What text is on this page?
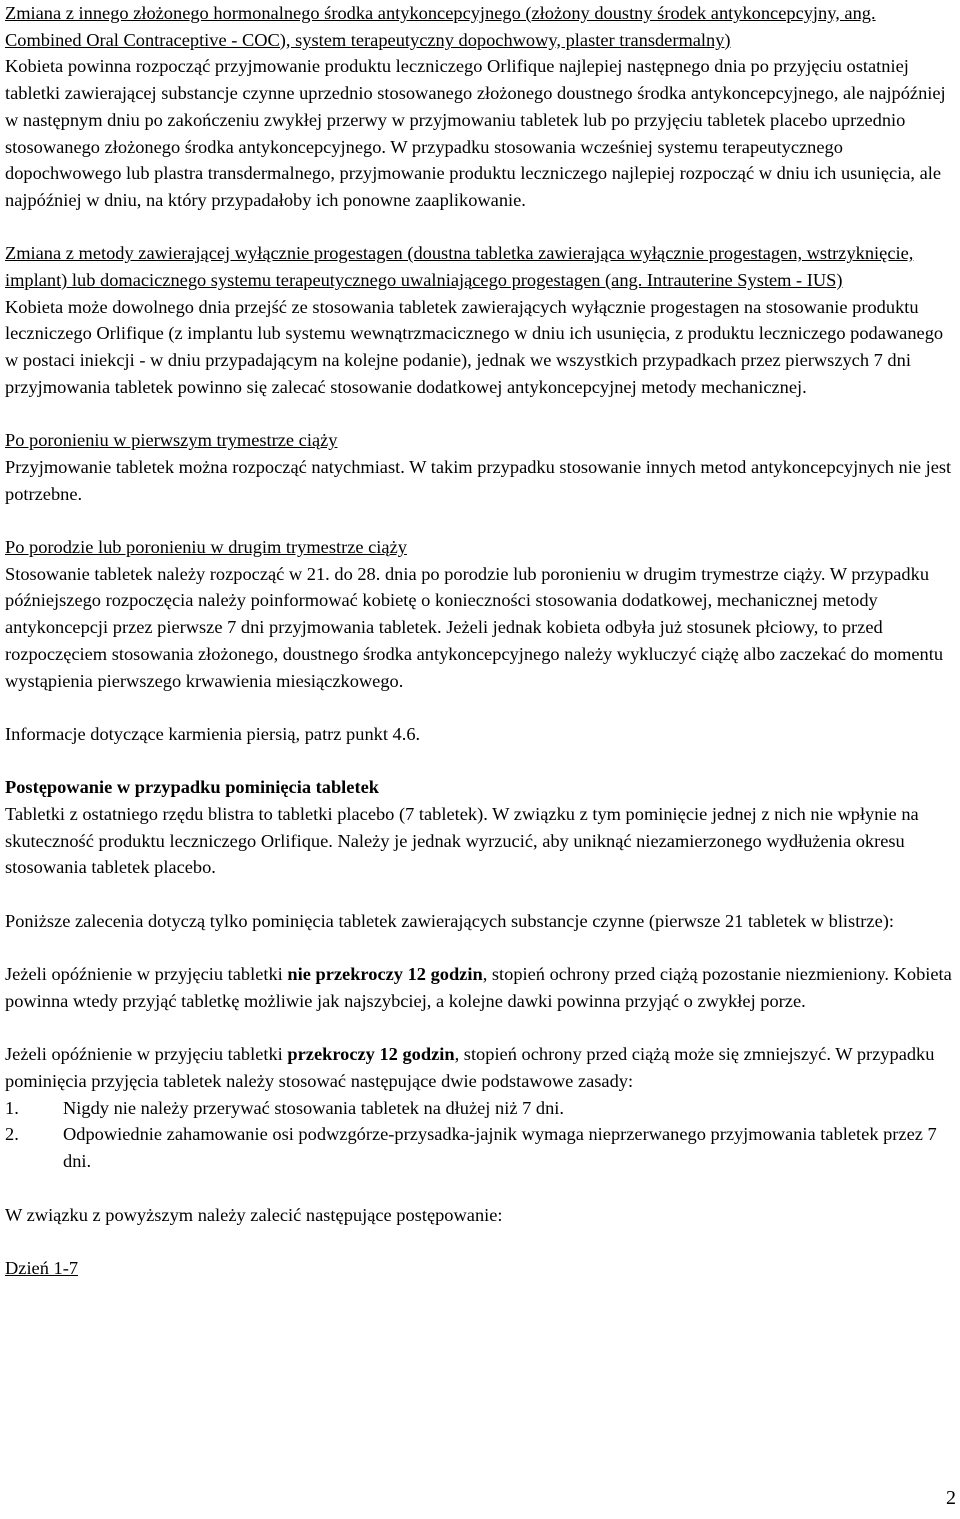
Zmiana z innego złożonego hormonalnego środka antykoncepcyjnego (złożony doustny środek antykoncepcyjny, ang. Combined Oral Contraceptive - COC), system terapeutyczny dopochwowy, plaster transdermalny)

Kobieta powinna rozpocząć przyjmowanie produktu leczniczego Orlifique najlepiej następnego dnia po przyjęciu ostatniej tabletki zawierającej substancje czynne uprzednio stosowanego złożonego doustnego środka antykoncepcyjnego, ale najpóźniej w następnym dniu po zakończeniu zwykłej przerwy w przyjmowaniu tabletek lub po przyjęciu tabletek placebo uprzednio stosowanego złożonego środka antykoncepcyjnego. W przypadku stosowania wcześniej systemu terapeutycznego dopochwowego lub plastra transdermalnego, przyjmowanie produktu leczniczego najlepiej rozpocząć w dniu ich usunięcia, ale najpóźniej w dniu, na który przypadałoby ich ponowne zaaplikowanie.

Zmiana z metody zawierającej wyłącznie progestagen (doustna tabletka zawierająca wyłącznie progestagen, wstrzyknięcie, implant) lub domacicznego systemu terapeutycznego uwalniającego progestagen (ang. Intrauterine System - IUS)

Kobieta może dowolnego dnia przejść ze stosowania tabletek zawierających wyłącznie progestagen na stosowanie produktu leczniczego Orlifique (z implantu lub systemu wewnątrzmacicznego w dniu ich usunięcia, z produktu leczniczego podawanego w postaci iniekcji - w dniu przypadającym na kolejne podanie), jednak we wszystkich przypadkach przez pierwszych 7 dni przyjmowania tabletek powinno się zalecać stosowanie dodatkowej antykoncepcyjnej metody mechanicznej.

Po poronieniu w pierwszym trymestrze ciąży

Przyjmowanie tabletek można rozpocząć natychmiast. W takim przypadku stosowanie innych metod antykoncepcyjnych nie jest potrzebne.

Po porodzie lub poronieniu w drugim trymestrze ciąży

Stosowanie tabletek należy rozpocząć w 21. do 28. dnia po porodzie lub poronieniu w drugim trymestrze ciąży. W przypadku późniejszego rozpoczęcia należy poinformować kobietę o konieczności stosowania dodatkowej, mechanicznej metody antykoncepcji przez pierwsze 7 dni przyjmowania tabletek. Jeżeli jednak kobieta odbyła już stosunek płciowy, to przed rozpoczęciem stosowania złożonego, doustnego środka antykoncepcyjnego należy wykluczyć ciążę albo zaczekać do momentu wystąpienia pierwszego krwawienia miesiączkowego.

Informacje dotyczące karmienia piersią, patrz punkt 4.6.

Postępowanie w przypadku pominięcia tabletek

Tabletki z ostatniego rzędu blistra to tabletki placebo (7 tabletek). W związku z tym pominięcie jednej z nich nie wpłynie na skuteczność produktu leczniczego Orlifique. Należy je jednak wyrzucić, aby uniknąć niezamierzonego wydłużenia okresu stosowania tabletek placebo.

Poniższe zalecenia dotyczą tylko pominięcia tabletek zawierających substancje czynne (pierwsze 21 tabletek w blistrze):

Jeżeli opóźnienie w przyjęciu tabletki nie przekroczy 12 godzin, stopień ochrony przed ciążą pozostanie niezmieniony. Kobieta powinna wtedy przyjąć tabletkę możliwie jak najszybciej, a kolejne dawki powinna przyjąć o zwykłej porze.

Jeżeli opóźnienie w przyjęciu tabletki przekroczy 12 godzin, stopień ochrony przed ciążą może się zmniejszyć. W przypadku pominięcia przyjęcia tabletek należy stosować następujące dwie podstawowe zasady:

1.	Nigdy nie należy przerywać stosowania tabletek na dłużej niż 7 dni.
2.	Odpowiednie zahamowanie osi podwzgórze-przysadka-jajnik wymaga nieprzerwanego przyjmowania tabletek przez 7 dni.

W związku z powyższym należy zalecić następujące postępowanie:

Dzień 1-7

2
